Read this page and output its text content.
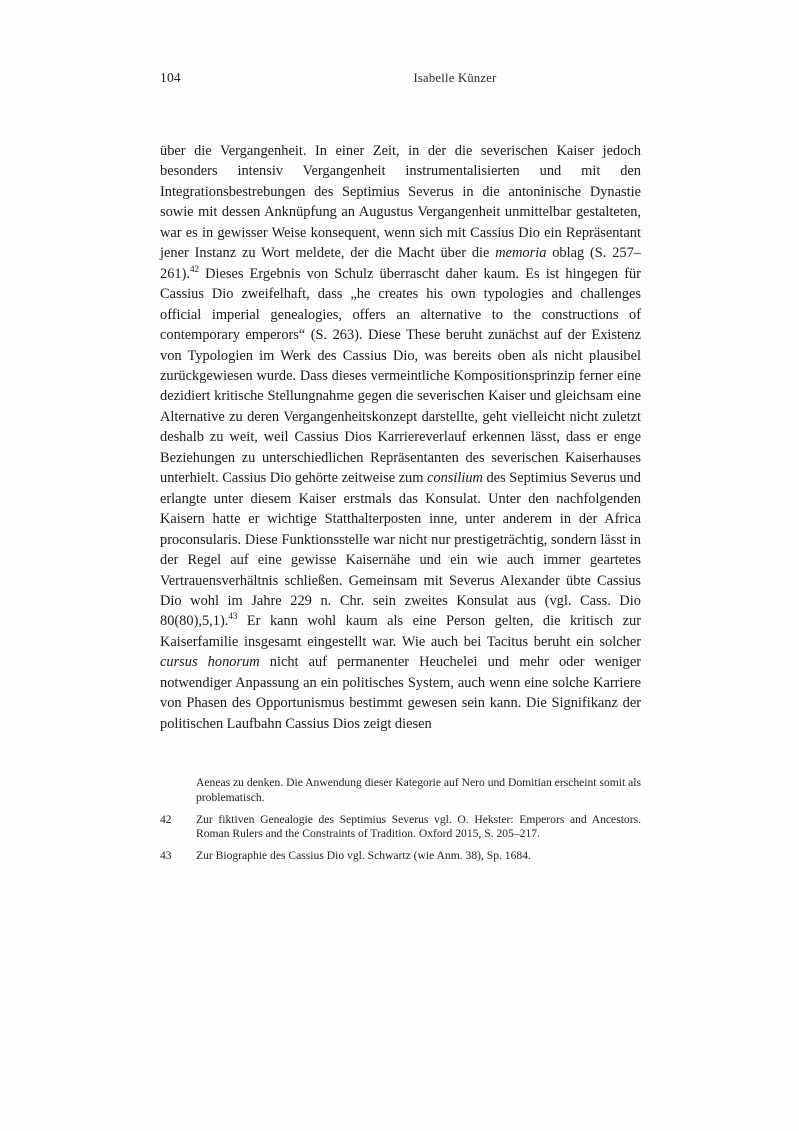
104	Isabelle Künzer

über die Vergangenheit. In einer Zeit, in der die severischen Kaiser jedoch besonders intensiv Vergangenheit instrumentalisierten und mit den Integrationsbestrebungen des Septimius Severus in die antoninische Dynastie sowie mit dessen Anknüpfung an Augustus Vergangenheit unmittelbar gestalteten, war es in gewisser Weise konsequent, wenn sich mit Cassius Dio ein Repräsentant jener Instanz zu Wort meldete, der die Macht über die memoria oblag (S. 257–261).$^{42}$ Dieses Ergebnis von Schulz überrascht daher kaum. Es ist hingegen für Cassius Dio zweifelhaft, dass „he creates his own typologies and challenges official imperial genealogies, offers an alternative to the constructions of contemporary emperors“ (S. 263). Diese These beruht zunächst auf der Existenz von Typologien im Werk des Cassius Dio, was bereits oben als nicht plausibel zurückgewiesen wurde. Dass dieses vermeintliche Kompositionsprinzip ferner eine dezidiert kritische Stellungnahme gegen die severischen Kaiser und gleichsam eine Alternative zu deren Vergangenheitskonzept darstellte, geht vielleicht nicht zuletzt deshalb zu weit, weil Cassius Dios Karriereverlauf erkennen lässt, dass er enge Beziehungen zu unterschiedlichen Repräsentanten des severischen Kaiserhauses unterhielt. Cassius Dio gehörte zeitweise zum consilium des Septimius Severus und erlangte unter diesem Kaiser erstmals das Konsulat. Unter den nachfolgenden Kaisern hatte er wichtige Statthalterposten inne, unter anderem in der Africa proconsularis. Diese Funktionsstelle war nicht nur prestigeträchtig, sondern lässt in der Regel auf eine gewisse Kaisernähe und ein wie auch immer geartetes Vertrauensverhältnis schließen. Gemeinsam mit Severus Alexander übte Cassius Dio wohl im Jahre 229 n. Chr. sein zweites Konsulat aus (vgl. Cass. Dio 80(80),5,1).$^{43}$ Er kann wohl kaum als eine Person gelten, die kritisch zur Kaiserfamilie insgesamt eingestellt war. Wie auch bei Tacitus beruht ein solcher cursus honorum nicht auf permanenter Heuchelei und mehr oder weniger notwendiger Anpassung an ein politisches System, auch wenn eine solche Karriere von Phasen des Opportunismus bestimmt gewesen sein kann. Die Signifikanz der politischen Laufbahn Cassius Dios zeigt diesen

Aeneas zu denken. Die Anwendung dieser Kategorie auf Nero und Domitian erscheint somit als problematisch.
42	Zur fiktiven Genealogie des Septimius Severus vgl. O. Hekster: Emperors and Ancestors. Roman Rulers and the Constraints of Tradition. Oxford 2015, S. 205–217.
43	Zur Biographie des Cassius Dio vgl. Schwartz (wie Anm. 38), Sp. 1684.
